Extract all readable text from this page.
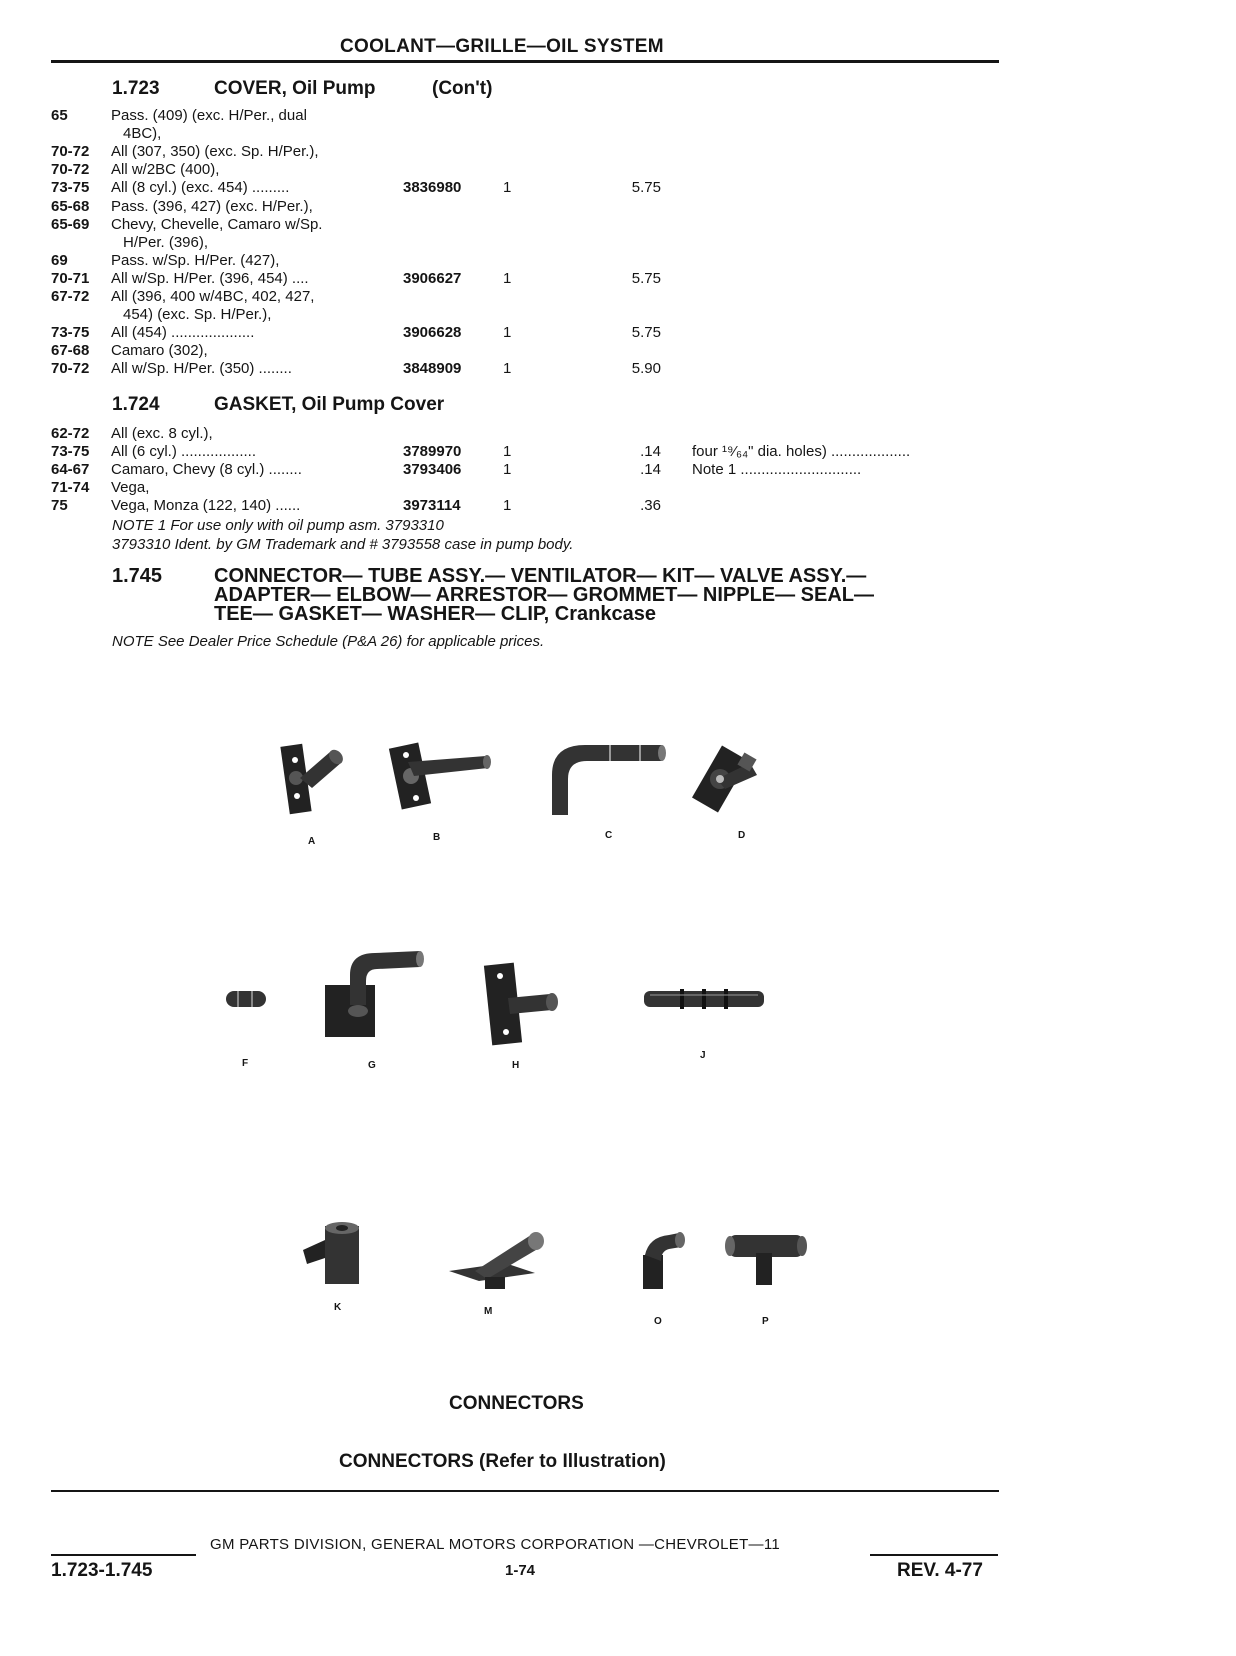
COOLANT—GRILLE—OIL SYSTEM
1.723	COVER, Oil Pump	(Con't)
65	Pass. (409) (exc. H/Per., dual
4BC),
70-72 All (307, 350) (exc. Sp. H/Per.),
70-72 All w/2BC (400),
73-75 All (8 cyl.) (exc. 454) .........	3836980	1	5.75
65-68 Pass. (396, 427) (exc. H/Per.),
65-69 Chevy, Chevelle, Camaro w/Sp.
H/Per. (396),
69	Pass. w/Sp. H/Per. (427),
70-71 All w/Sp. H/Per. (396, 454) ....	3906627	1	5.75
67-72 All (396, 400 w/4BC, 402, 427,
454) (exc. Sp. H/Per.),
73-75 All (454) ....................	3906628	1	5.75
67-68 Camaro (302),
70-72 All w/Sp. H/Per. (350) ........	3848909	1	5.90
1.724	GASKET, Oil Pump Cover
62-72 All (exc. 8 cyl.),
73-75 All (6 cyl.) ..................	3789970	1	.14 four ¹⁹⁄₆₄" dia. holes) ...................
64-67 Camaro, Chevy (8 cyl.) ........	3793406	1	.14 Note 1 .............................
71-74 Vega,
75	Vega, Monza (122, 140) ......	3973114	1	.36
NOTE 1 For use only with oil pump asm. 3793310
3793310 Ident. by GM Trademark and # 3793558 case in pump body.
1.745	CONNECTOR— TUBE ASSY.— VENTILATOR— KIT— VALVE ASSY.—
ADAPTER— ELBOW— ARRESTOR— GROMMET— NIPPLE— SEAL—
TEE— GASKET— WASHER— CLIP, Crankcase
NOTE See Dealer Price Schedule (P&A 26) for applicable prices.
A	B	C	D
F	G	H
J
K	M
O	P
CONNECTORS
CONNECTORS (Refer to Illustration)
GM PARTS DIVISION, GENERAL MOTORS CORPORATION —CHEVROLET—11
1.723-1.745	1-74	REV. 4-77
